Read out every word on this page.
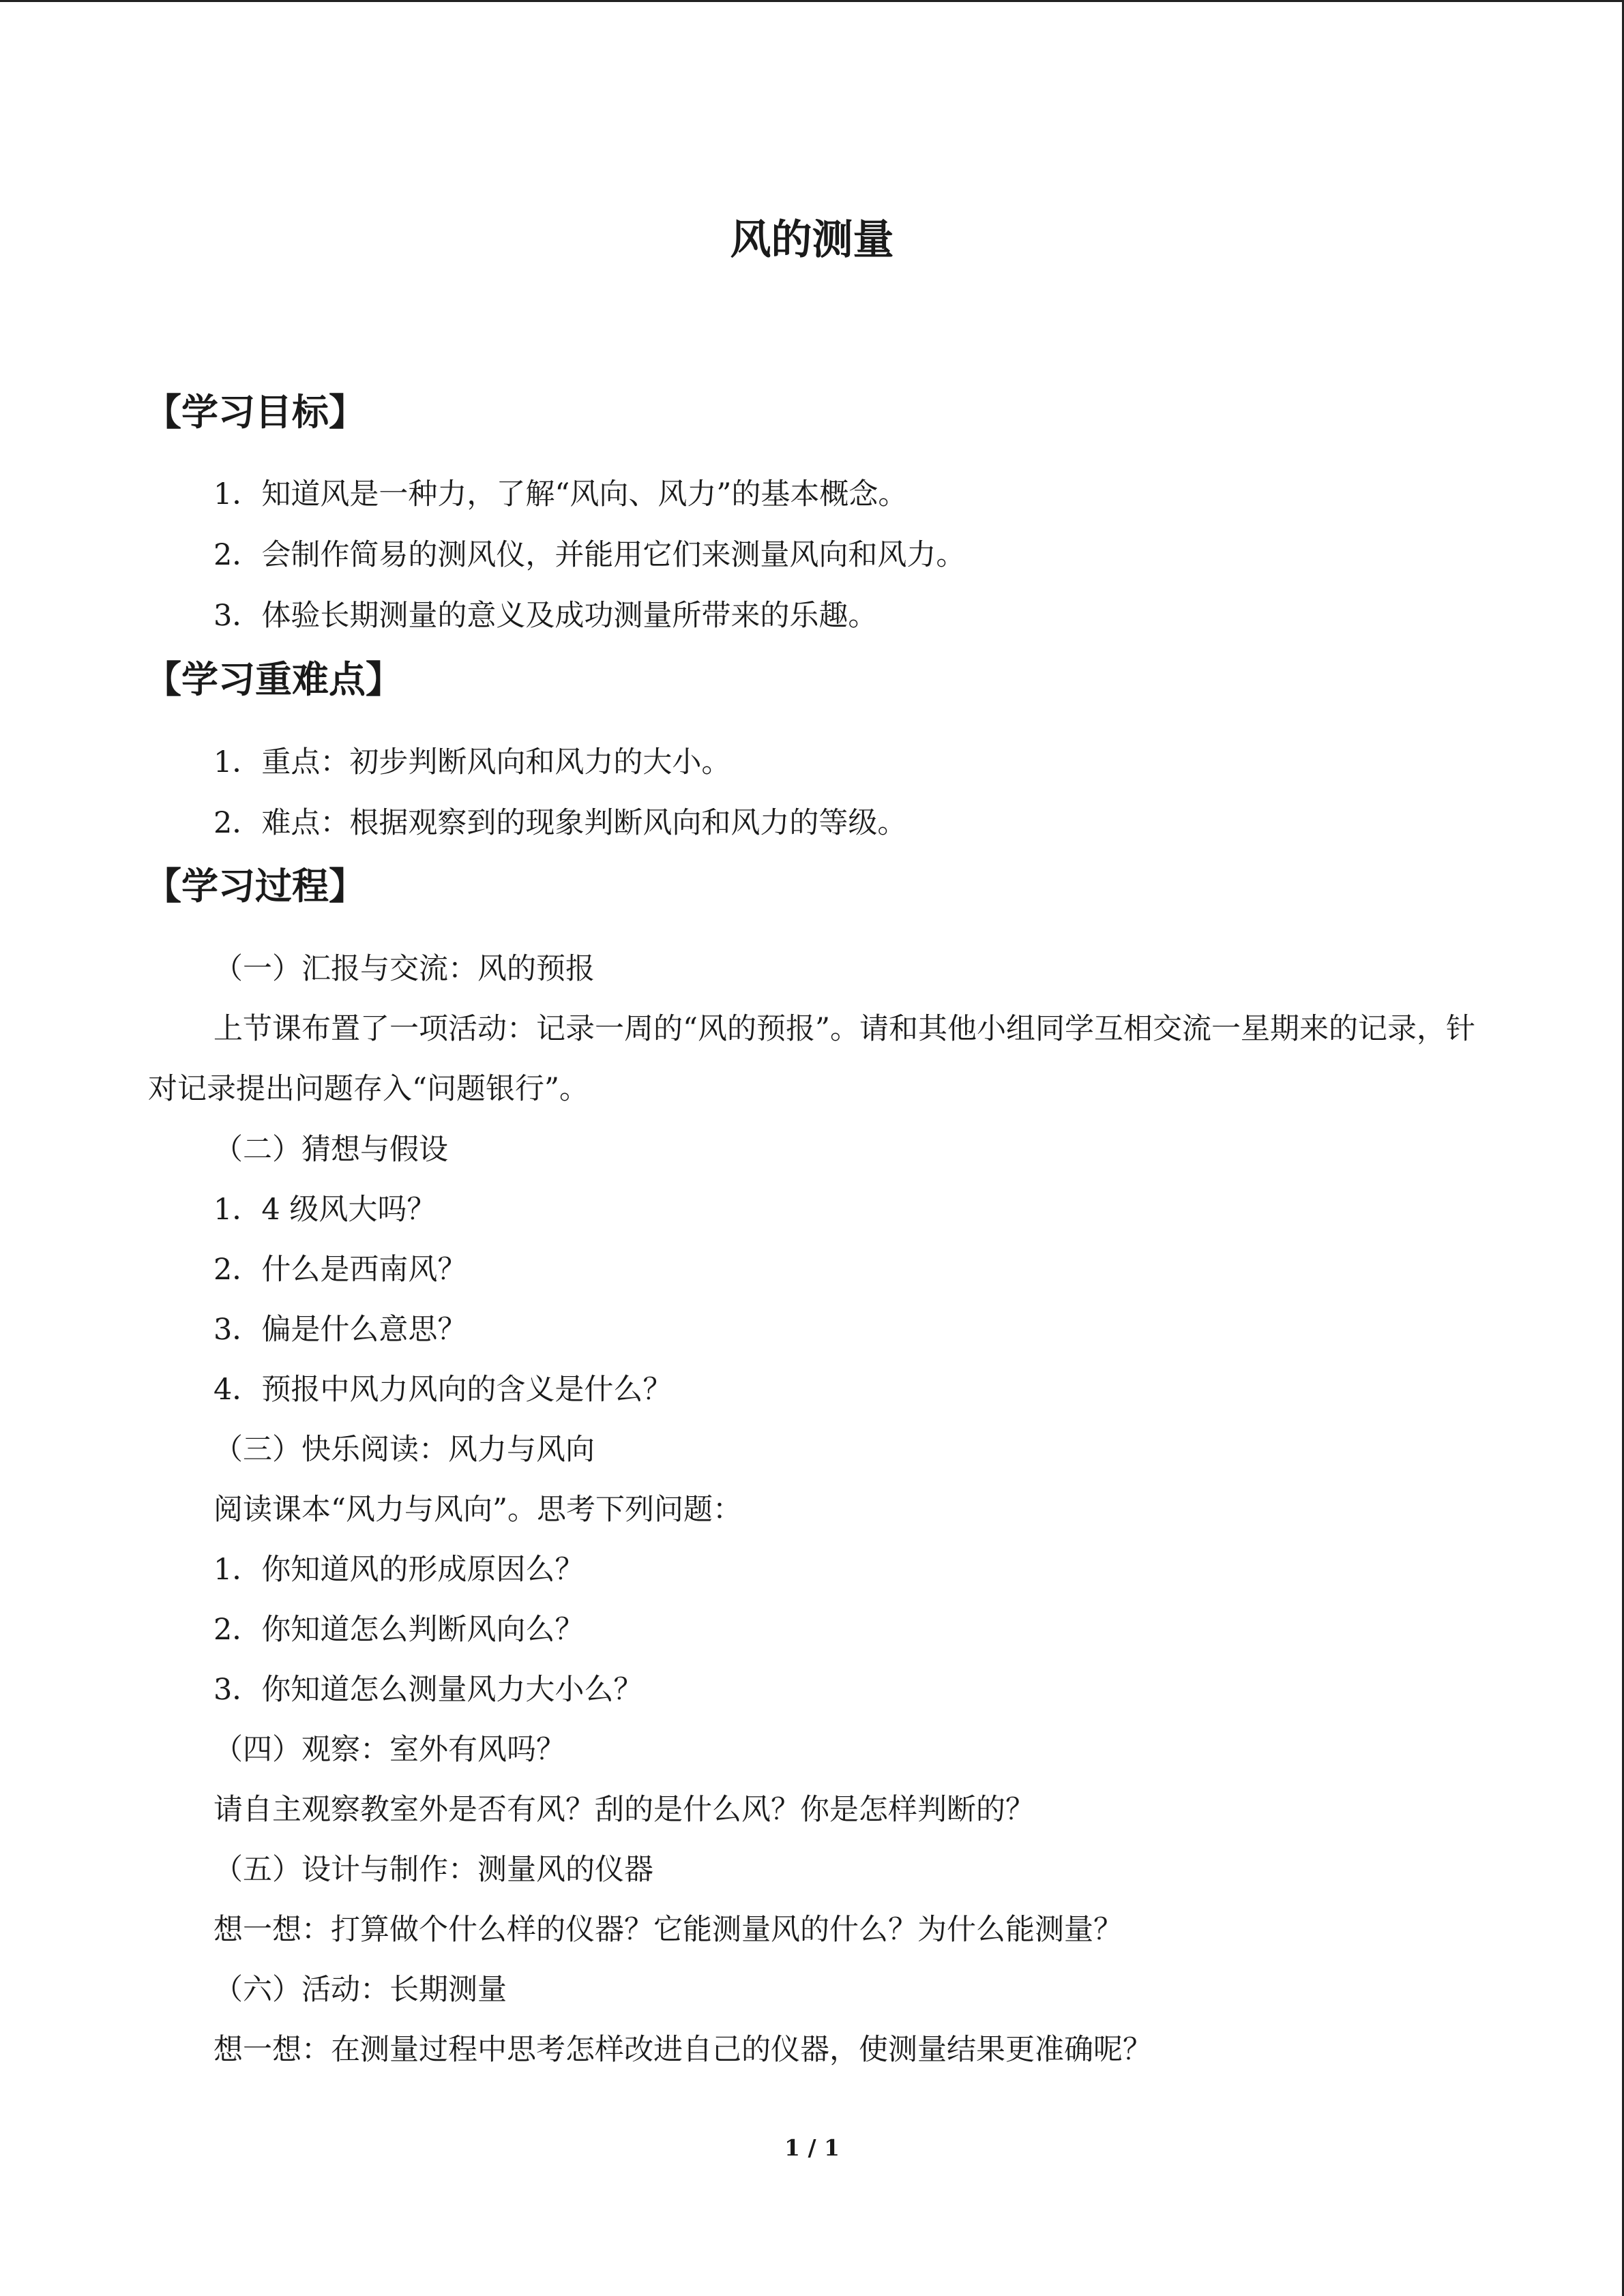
风的测量
【学习目标】

1．知道风是一种力，了解“风向、风力”的基本概念。

2．会制作简易的测风仪，并能用它们来测量风向和风力。

3．体验长期测量的意义及成功测量所带来的乐趣。

【学习重难点】

1．重点：初步判断风向和风力的大小。

2．难点：根据观察到的现象判断风向和风力的等级。

【学习过程】

（一）汇报与交流：风的预报

上节课布置了一项活动：记录一周的“风的预报”。请和其他小组同学互相交流一星期来的记录，针对记录提出问题存入“问题银行”。

（二）猜想与假设

1．4 级风大吗？

2．什么是西南风？

3．偏是什么意思？

4．预报中风力风向的含义是什么？

（三）快乐阅读：风力与风向

阅读课本“风力与风向”。思考下列问题：

1．你知道风的形成原因么？

2．你知道怎么判断风向么？

3．你知道怎么测量风力大小么？

（四）观察：室外有风吗？

请自主观察教室外是否有风？刮的是什么风？你是怎样判断的？

（五）设计与制作：测量风的仪器

想一想：打算做个什么样的仪器？它能测量风的什么？为什么能测量？

（六）活动：长期测量

想一想：在测量过程中思考怎样改进自己的仪器，使测量结果更准确呢？

1 / 1
